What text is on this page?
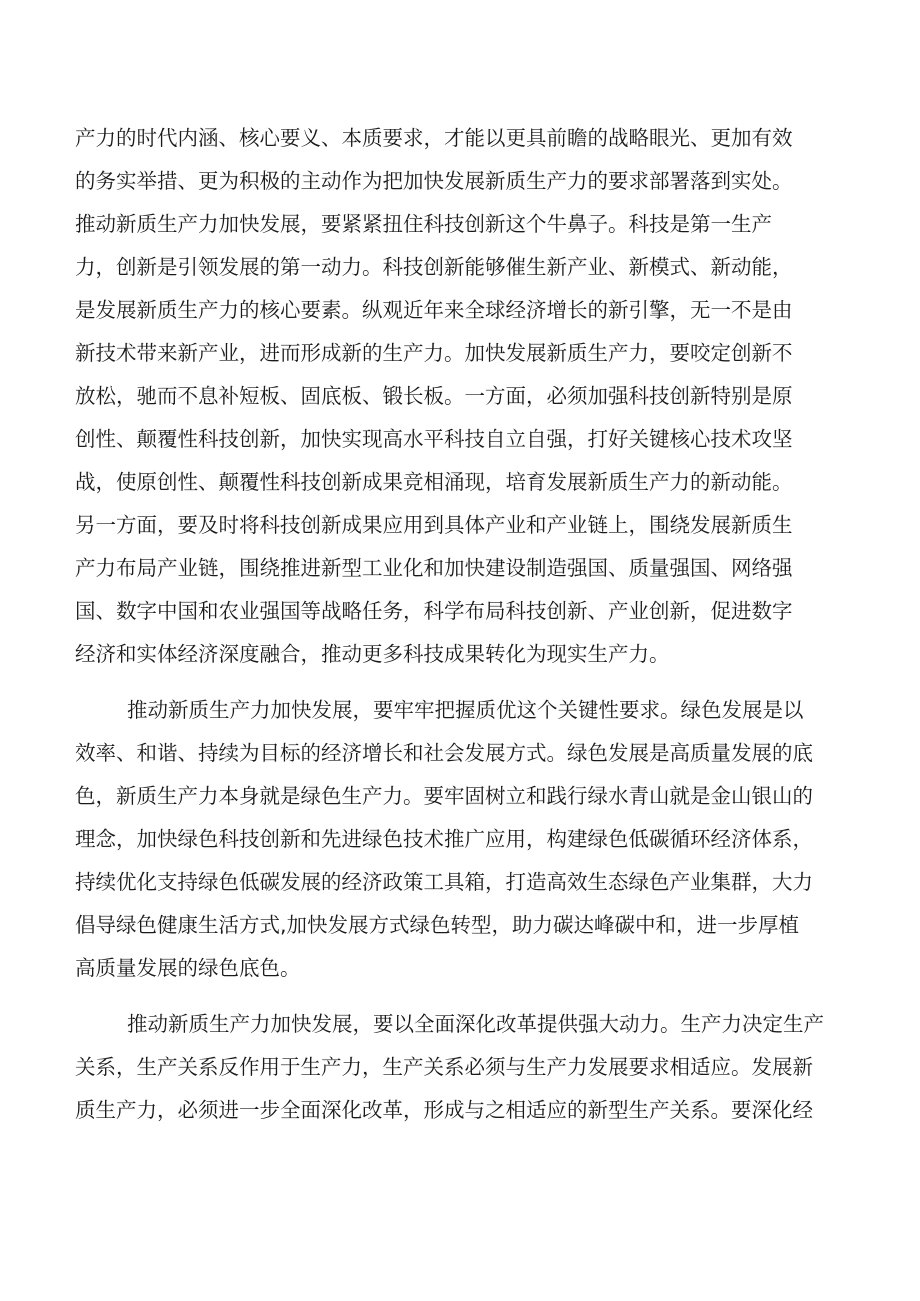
产力的时代内涵、核心要义、本质要求，才能以更具前瞻的战略眼光、更加有效
的务实举措、更为积极的主动作为把加快发展新质生产力的要求部署落到实处。
推动新质生产力加快发展，要紧紧扭住科技创新这个牛鼻子。科技是第一生产
力，创新是引领发展的第一动力。科技创新能够催生新产业、新模式、新动能，
是发展新质生产力的核心要素。纵观近年来全球经济增长的新引擎，无一不是由
新技术带来新产业，进而形成新的生产力。加快发展新质生产力，要咬定创新不
放松，驰而不息补短板、固底板、锻长板。一方面，必须加强科技创新特别是原
创性、颠覆性科技创新，加快实现高水平科技自立自强，打好关键核心技术攻坚
战，使原创性、颠覆性科技创新成果竞相涌现，培育发展新质生产力的新动能。
另一方面，要及时将科技创新成果应用到具体产业和产业链上，围绕发展新质生
产力布局产业链，围绕推进新型工业化和加快建设制造强国、质量强国、网络强
国、数字中国和农业强国等战略任务，科学布局科技创新、产业创新，促进数字
经济和实体经济深度融合，推动更多科技成果转化为现实生产力。
推动新质生产力加快发展，要牢牢把握质优这个关键性要求。绿色发展是以
效率、和谐、持续为目标的经济增长和社会发展方式。绿色发展是高质量发展的底
色，新质生产力本身就是绿色生产力。要牢固树立和践行绿水青山就是金山银山的
理念，加快绿色科技创新和先进绿色技术推广应用，构建绿色低碳循环经济体系，
持续优化支持绿色低碳发展的经济政策工具箱，打造高效生态绿色产业集群，大力
倡导绿色健康生活方式,加快发展方式绿色转型，助力碳达峰碳中和，进一步厚植
高质量发展的绿色底色。
推动新质生产力加快发展，要以全面深化改革提供强大动力。生产力决定生产
关系，生产关系反作用于生产力，生产关系必须与生产力发展要求相适应。发展新
质生产力，必须进一步全面深化改革，形成与之相适应的新型生产关系。要深化经
